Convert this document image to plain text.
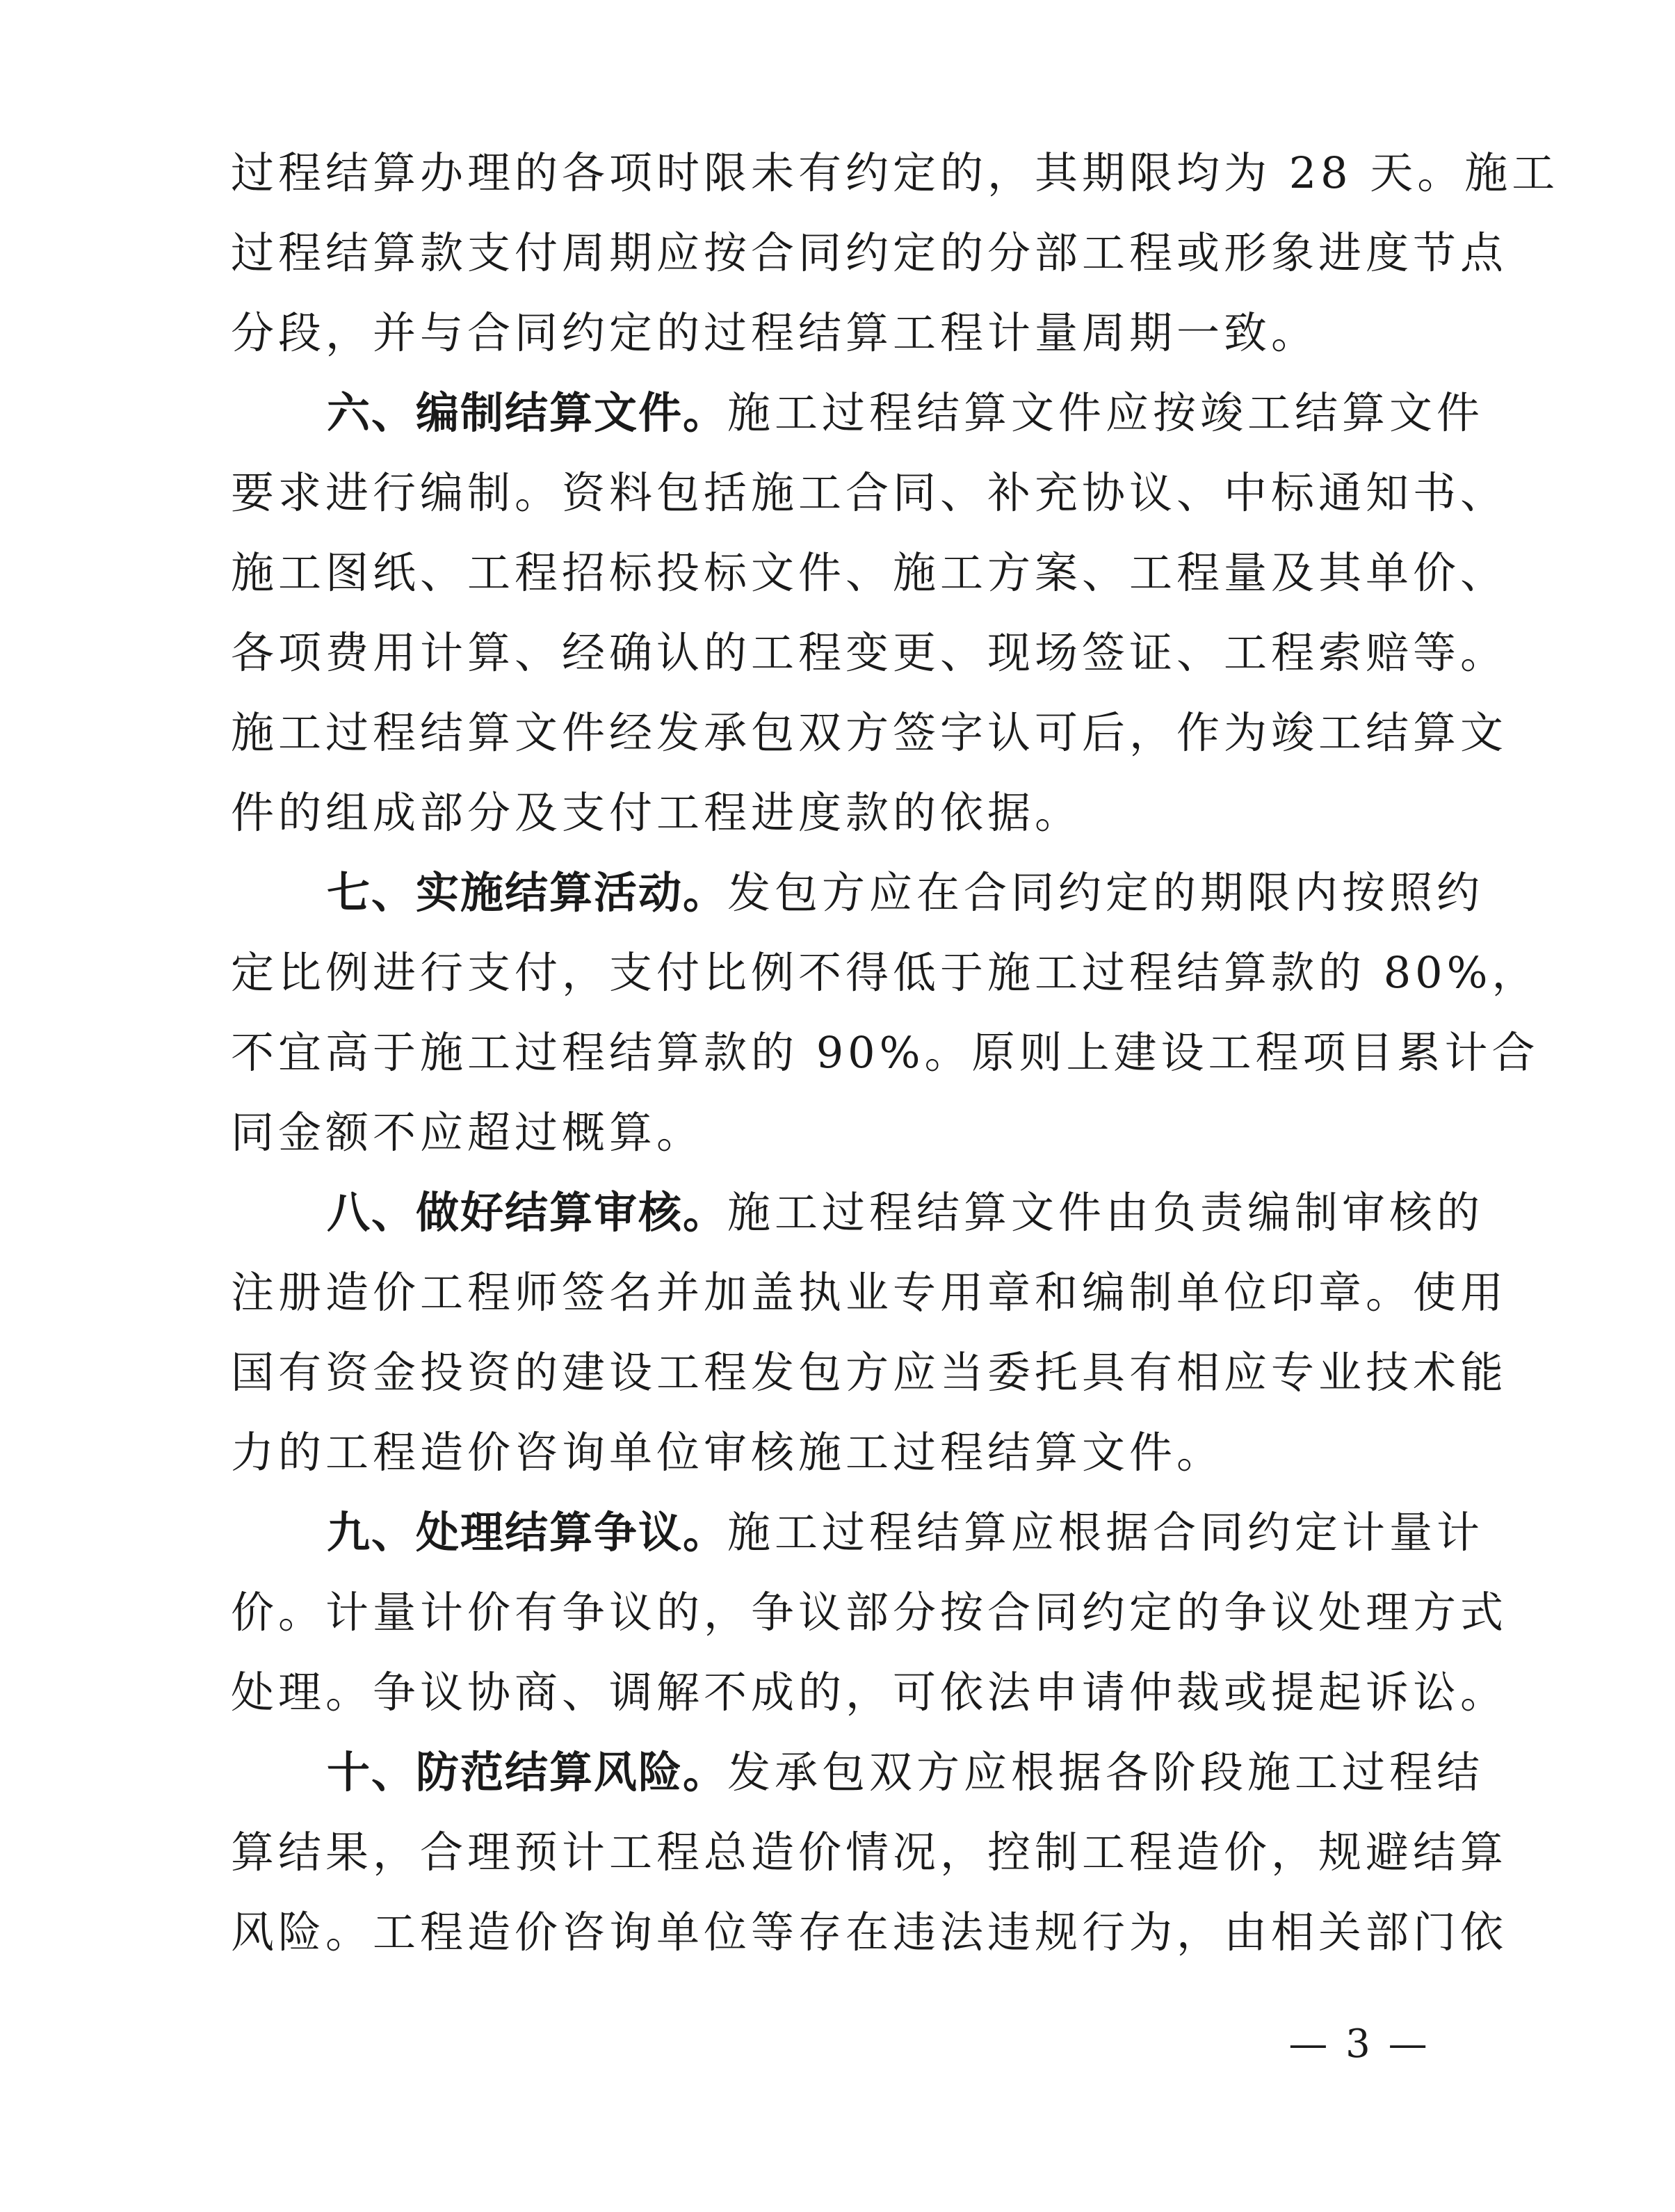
过程结算办理的各项时限未有约定的，其期限均为 28 天。施工
过程结算款支付周期应按合同约定的分部工程或形象进度节点
分段，并与合同约定的过程结算工程计量周期一致。
六、编制结算文件。施工过程结算文件应按竣工结算文件
要求进行编制。资料包括施工合同、补充协议、中标通知书、
施工图纸、工程招标投标文件、施工方案、工程量及其单价、
各项费用计算、经确认的工程变更、现场签证、工程索赔等。
施工过程结算文件经发承包双方签字认可后，作为竣工结算文
件的组成部分及支付工程进度款的依据。
七、实施结算活动。发包方应在合同约定的期限内按照约
定比例进行支付，支付比例不得低于施工过程结算款的 80%，
不宜高于施工过程结算款的 90%。原则上建设工程项目累计合
同金额不应超过概算。
八、做好结算审核。施工过程结算文件由负责编制审核的
注册造价工程师签名并加盖执业专用章和编制单位印章。使用
国有资金投资的建设工程发包方应当委托具有相应专业技术能
力的工程造价咨询单位审核施工过程结算文件。
九、处理结算争议。施工过程结算应根据合同约定计量计
价。计量计价有争议的，争议部分按合同约定的争议处理方式
处理。争议协商、调解不成的，可依法申请仲裁或提起诉讼。
十、防范结算风险。发承包双方应根据各阶段施工过程结
算结果，合理预计工程总造价情况，控制工程造价，规避结算
风险。工程造价咨询单位等存在违法违规行为，由相关部门依
— 3 —
